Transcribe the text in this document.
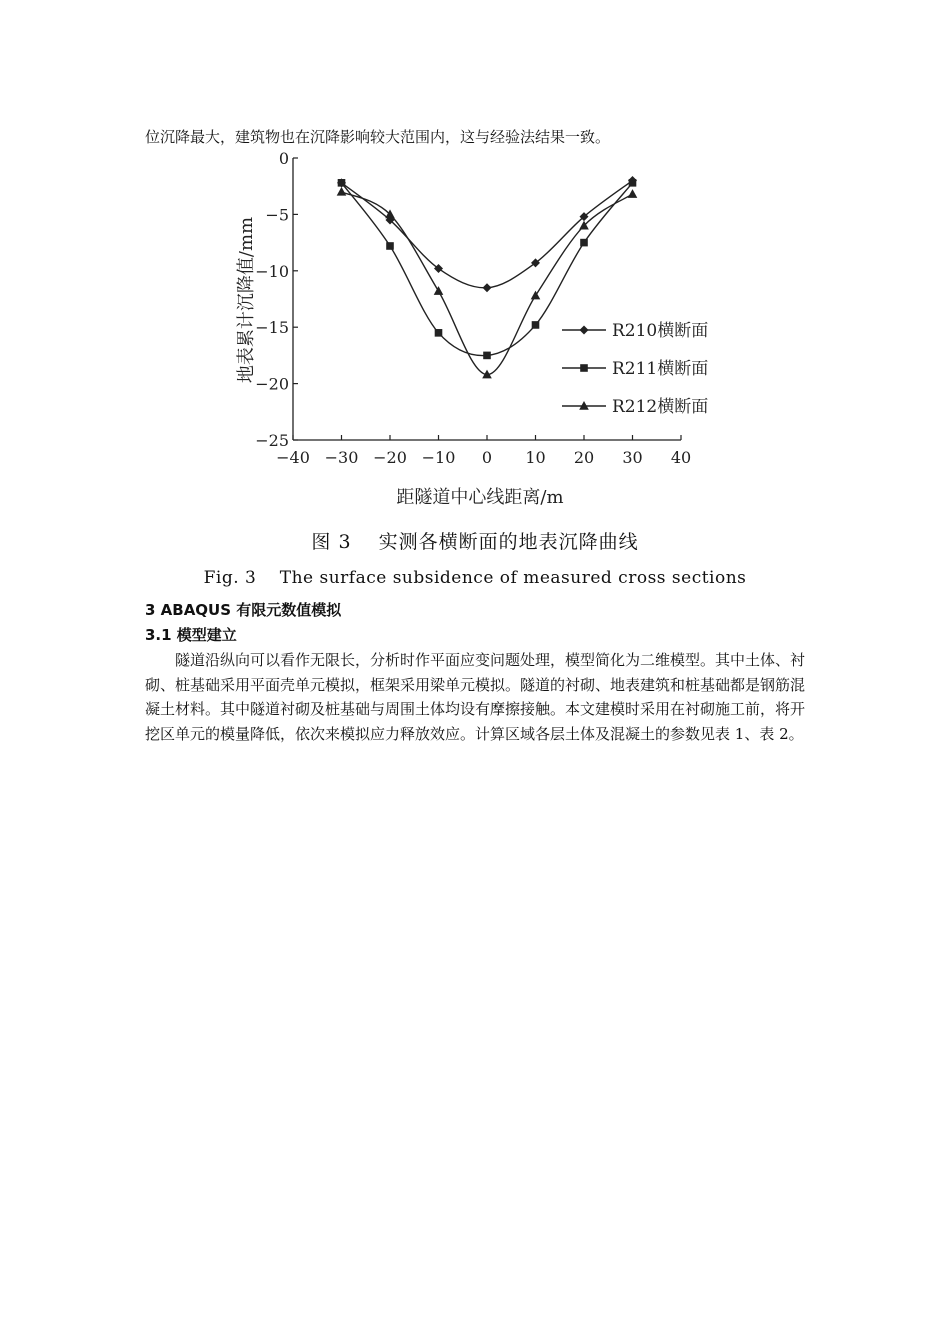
位沉降最大，建筑物也在沉降影响较大范围内，这与经验法结果一致。
0
−5
−10
−15
−20
−25
−40 −30 −20 −10 0 10 20 30 40
R210横断面
R211横断面
R212横断面
距隧道中心线距离/m
地表累计沉降值/mm
图 3　 实测各横断面的地表沉降曲线
Fig. 3　 The surface subsidence of measured cross sections
3 ABAQUS 有限元数值模拟
3.1 模型建立
隧道沿纵向可以看作无限长，分析时作平面应变问题处理，模型简化为二维模型。其中土体、衬砌、桩基础采用平面壳单元模拟，框架采用梁单元模拟。隧道的衬砌、地表建筑和桩基础都是钢筋混凝土材料。其中隧道衬砌及桩基础与周围土体均设有摩擦接触。本文建模时采用在衬砌施工前，将开挖区单元的模量降低，依次来模拟应力释放效应。计算区域各层土体及混凝土的参数见表 1、表 2。
